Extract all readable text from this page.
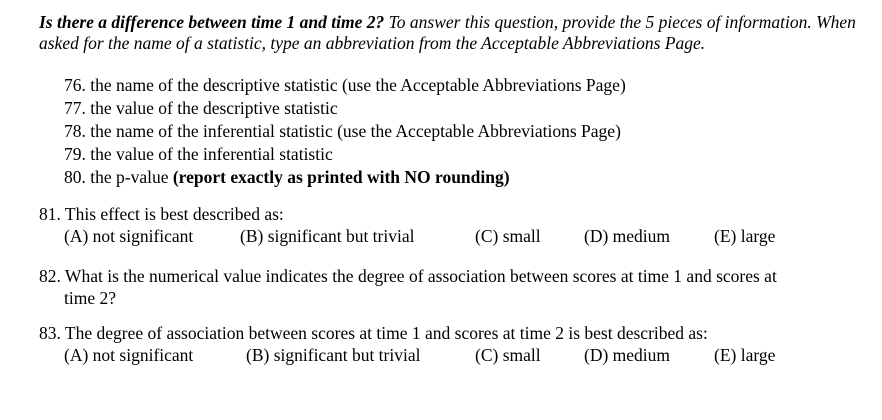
Is there a difference between time 1 and time 2? To answer this question, provide the 5 pieces of information. When asked for the name of a statistic, type an abbreviation from the Acceptable Abbreviations Page.
76. the name of the descriptive statistic (use the Acceptable Abbreviations Page)
77. the value of the descriptive statistic
78. the name of the inferential statistic (use the Acceptable Abbreviations Page)
79. the value of the inferential statistic
80. the p-value (report exactly as printed with NO rounding)
81. This effect is best described as:
(A) not significant	(B) significant but trivial	(C) small (D) medium	(E) large
82. What is the numerical value indicates the degree of association between scores at time 1 and scores at
time 2?
83. The degree of association between scores at time 1 and scores at time 2 is best described as:
(A) not significant	(B) significant but trivial	(C) small (D) medium	(E) large
